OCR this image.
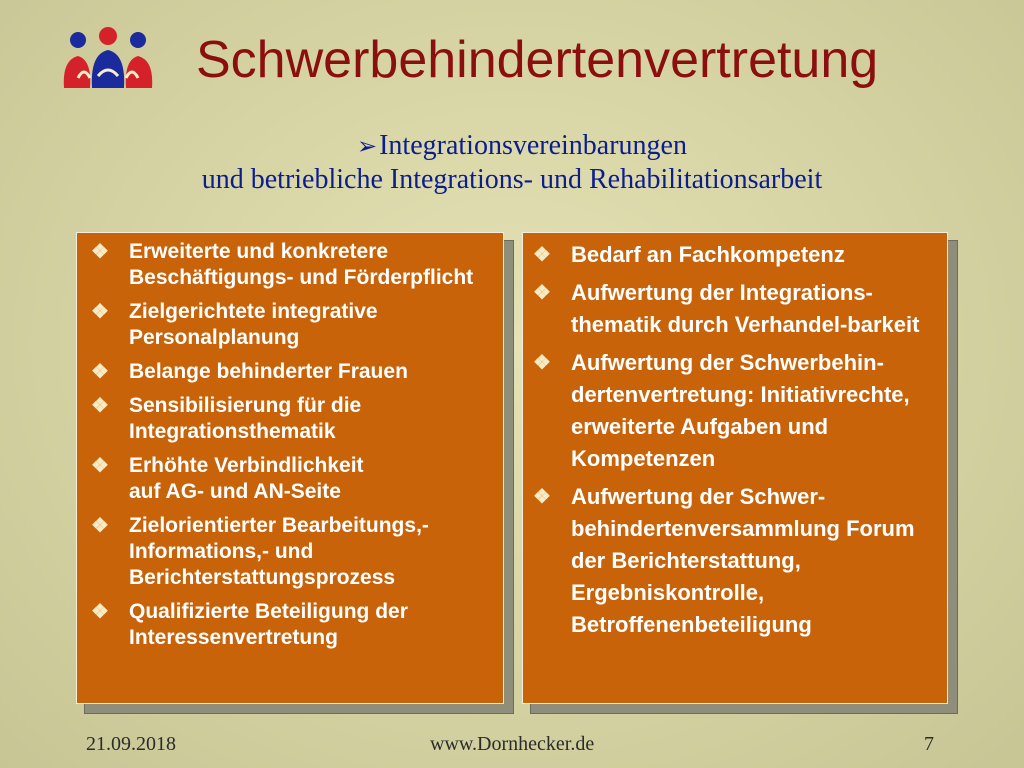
Schwerbehindertenvertretung
➢Integrationsvereinbarungen
und betriebliche Integrations- und Rehabilitationsarbeit
❖ Erweiterte und konkretere Beschäftigungs- und Förderpflicht
❖ Zielgerichtete integrative Personalplanung
❖ Belange behinderter Frauen
❖ Sensibilisierung für die Integrationsthematik
❖ Erhöhte Verbindlichkeit
auf AG- und AN-Seite
❖ Zielorientierter Bearbeitungs,- Informations,- und Berichterstattungsprozess
❖ Qualifizierte Beteiligung der Interessenvertretung
❖ Bedarf an Fachkompetenz
❖ Aufwertung der Integrations-thematik durch Verhandel-barkeit
❖ Aufwertung der Schwerbehin-dertenvertretung: Initiativrechte, erweiterte Aufgaben und Kompetenzen
❖ Aufwertung der Schwer-behindertenversammlung Forum der Berichterstattung, Ergebniskontrolle, Betroffenenbeteiligung
21.09.2018	www.Dornhecker.de	7
